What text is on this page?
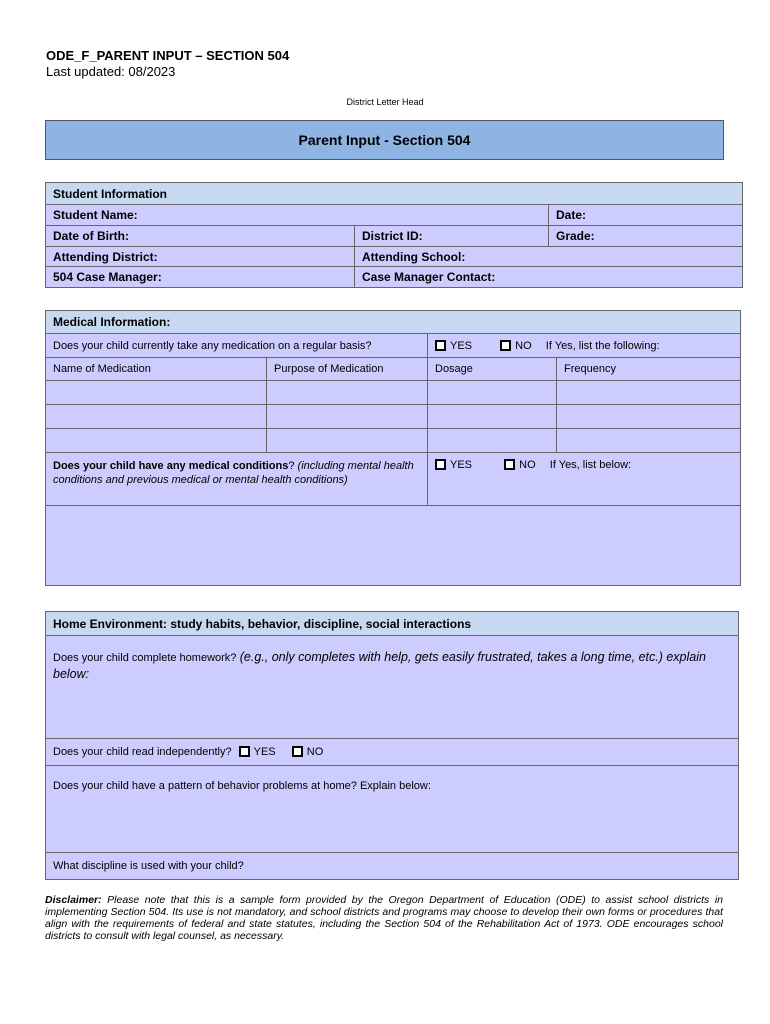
ODE_F_PARENT INPUT – SECTION 504
Last updated: 08/2023
District Letter Head
Parent Input - Section 504
Student Information		
Student Name:		Date:
Date of Birth:	District ID:	Grade:
Attending District:	Attending School:	
504 Case Manager:	Case Manager Contact:	
Medical Information:			
Does your child currently take any medication on a regular basis?		YES NO If Yes, list the following:	
Name of Medication	Purpose of Medication	Dosage	Frequency

Does your child have any medical conditions? (including mental health conditions and previous medical or mental health conditions)		YES NO If Yes, list below:	

Home Environment: study habits, behavior, discipline, social interactions
Does your child complete homework? (e.g., only completes with help, gets easily frustrated, takes a long time, etc.) explain below:
Does your child read independently? YES	NO
Does your child have a pattern of behavior problems at home? Explain below:
What discipline is used with your child?
Disclaimer: Please note that this is a sample form provided by the Oregon Department of Education (ODE) to assist school districts in implementing Section 504. Its use is not mandatory, and school districts and programs may choose to develop their own forms or procedures that align with the requirements of federal and state statutes, including the Section 504 of the Rehabilitation Act of 1973. ODE encourages school districts to consult with legal counsel, as necessary.
